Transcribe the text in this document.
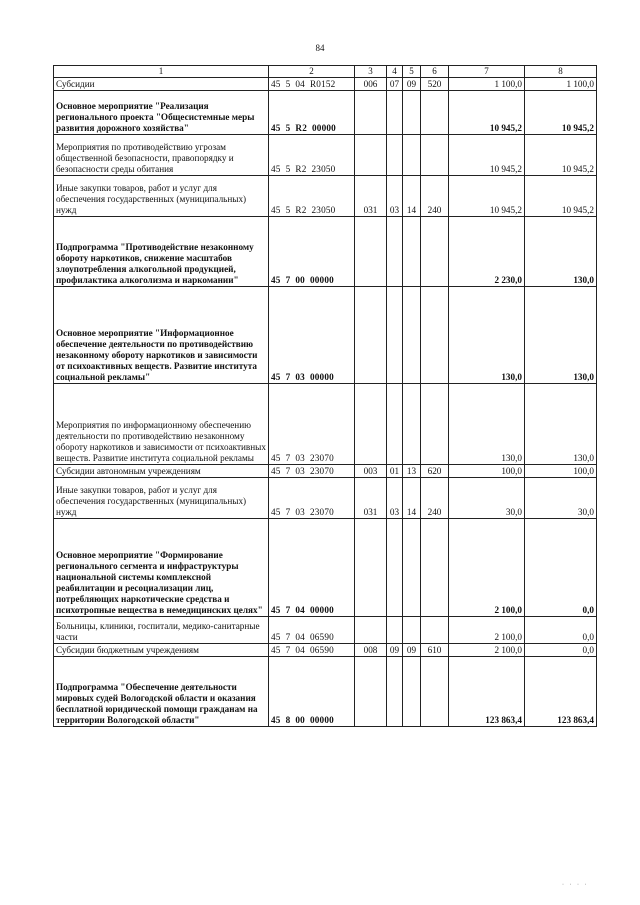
84
1	2	3	4	5	6	7	8
Субсидии	45  5  04  R0152	006	07	09	520	1 100,0	1 100,0
Основное мероприятие "Реализация регионального проекта "Общесистемные меры развития дорожного хозяйства"	45  5  R2  00000					10 945,2	10 945,2
Мероприятия по противодействию угрозам общественной безопасности, правопорядку и безопасности среды обитания	45  5  R2  23050					10 945,2	10 945,2
Иные закупки товаров, работ и услуг для обеспечения государственных (муниципальных) нужд	45  5  R2  23050	031	03	14	240	10 945,2	10 945,2
Подпрограмма "Противодействие незаконному обороту наркотиков, снижение масштабов злоупотребления алкогольной продукцией, профилактика алкоголизма и наркомании"	45  7  00  00000					2 230,0	130,0
Основное мероприятие "Информационное обеспечение деятельности по противодействию незаконному обороту наркотиков и зависимости от психоактивных веществ. Развитие института социальной рекламы"	45  7  03  00000					130,0	130,0
Мероприятия по информационному обеспечению деятельности по противодействию незаконному обороту наркотиков и зависимости от психоактивных веществ. Развитие института социальной рекламы	45  7  03  23070					130,0	130,0
Субсидии автономным учреждениям	45  7  03  23070	003	01	13	620	100,0	100,0
Иные закупки товаров, работ и услуг для обеспечения государственных (муниципальных) нужд	45  7  03  23070	031	03	14	240	30,0	30,0
Основное мероприятие "Формирование регионального сегмента и инфраструктуры национальной системы комплексной реабилитации и ресоциализации лиц, потребляющих наркотические средства и психотропные вещества в немедицинских целях"	45  7  04  00000					2 100,0	0,0
Больницы, клиники, госпитали, медико-санитарные части	45  7  04  06590					2 100,0	0,0
Субсидии бюджетным учреждениям	45  7  04  06590	008	09	09	610	2 100,0	0,0
Подпрограмма "Обеспечение деятельности мировых судей Вологодской области и оказания бесплатной юридической помощи гражданам на территории Вологодской области"	45  8  00  00000					123 863,4	123 863,4
· · · ·
